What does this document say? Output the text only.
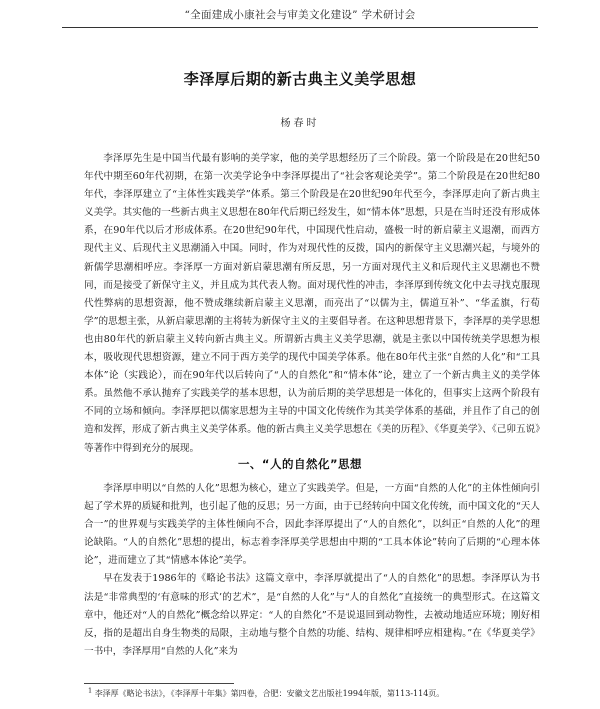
“全面建成小康社会与审美文化建设” 学术研讨会
李泽厚后期的新古典主义美学思想
杨春时

李泽厚先生是中国当代最有影响的美学家，他的美学思想经历了三个阶段。第一个阶段是在20世纪50年代中期至60年代初期，在第一次美学论争中李泽厚提出了“社会客观论美学”。第二个阶段是在20世纪80年代，李泽厚建立了“主体性实践美学”体系。第三个阶段是在20世纪90年代至今，李泽厚走向了新古典主义美学。其实他的一些新古典主义思想在80年代后期已经发生，如“情本体”思想，只是在当时还没有形成体系，在90年代以后才形成体系。在20世纪90年代，中国现代性启动，盛极一时的新启蒙主义退潮，而西方现代主义、后现代主义思潮涌入中国。同时，作为对现代性的反拨，国内的新保守主义思潮兴起，与境外的新儒学思潮相呼应。李泽厚一方面对新启蒙思潮有所反思，另一方面对现代主义和后现代主义思潮也不赞同，而是接受了新保守主义，并且成为其代表人物。面对现代性的冲击，李泽厚到传统文化中去寻找克服现代性弊病的思想资源，他不赞成继续新启蒙主义思潮，而亮出了“以儒为主，儒道互补”、“华孟旗，行荀学”的思想主张，从新启蒙思潮的主将转为新保守主义的主要倡导者。在这种思想背景下，李泽厚的美学思想也由80年代的新启蒙主义转向新古典主义。所谓新古典主义美学思潮，就是主张以中国传统美学思想为根本，吸收现代思想资源，建立不同于西方美学的现代中国美学体系。他在80年代主张“自然的人化”和“工具本体”论（实践论），而在90年代以后转向了“人的自然化”和“情本体”论，建立了一个新古典主义的美学体系。虽然他不承认抛弃了实践美学的基本思想，认为前后期的美学思想是一体化的，但事实上这两个阶段有不同的立场和倾向。李泽厚把以儒家思想为主导的中国文化传统作为其美学体系的基础，并且作了自己的创造和发挥，形成了新古典主义美学体系。他的新古典主义美学思想在《美的历程》、《华夏美学》、《己卯五说》等著作中得到充分的展现。

一、“人的自然化”思想

李泽厚申明以“自然的人化”思想为核心，建立了实践美学。但是，一方面“自然的人化”的主体性倾向引起了学术界的质疑和批判，也引起了他的反思；另一方面，由于已经转向中国文化传统，而中国文化的“天人合一”的世界观与实践美学的主体性倾向不合，因此李泽厚提出了“人的自然化”，以纠正“自然的人化”的理论缺陷。“人的自然化”思想的提出，标志着李泽厚美学思想由中期的“工具本体论”转向了后期的“心理本体论”，进而建立了其“情感本体论”美学。

早在发表于1986年的《略论书法》这篇文章中，李泽厚就提出了“人的自然化”的思想。李泽厚认为书法是“非常典型的‘有意味的形式’的艺术”，是“自然的人化”与“人的自然化”直接统一的典型形式。在这篇文章中，他还对“人的自然化”概念给以界定：“人的自然化”不是说退回到动物性，去被动地适应环境；刚好相反，指的是超出自身生物类的局限，主动地与整个自然的功能、结构、规律相呼应相建构。”在《华夏美学》一书中，李泽厚用“自然的人化”来为

$^1$ 李泽厚《略论书法》，《李泽厚十年集》第四卷，合肥：安徽文艺出版社1994年版，第113-114页。
